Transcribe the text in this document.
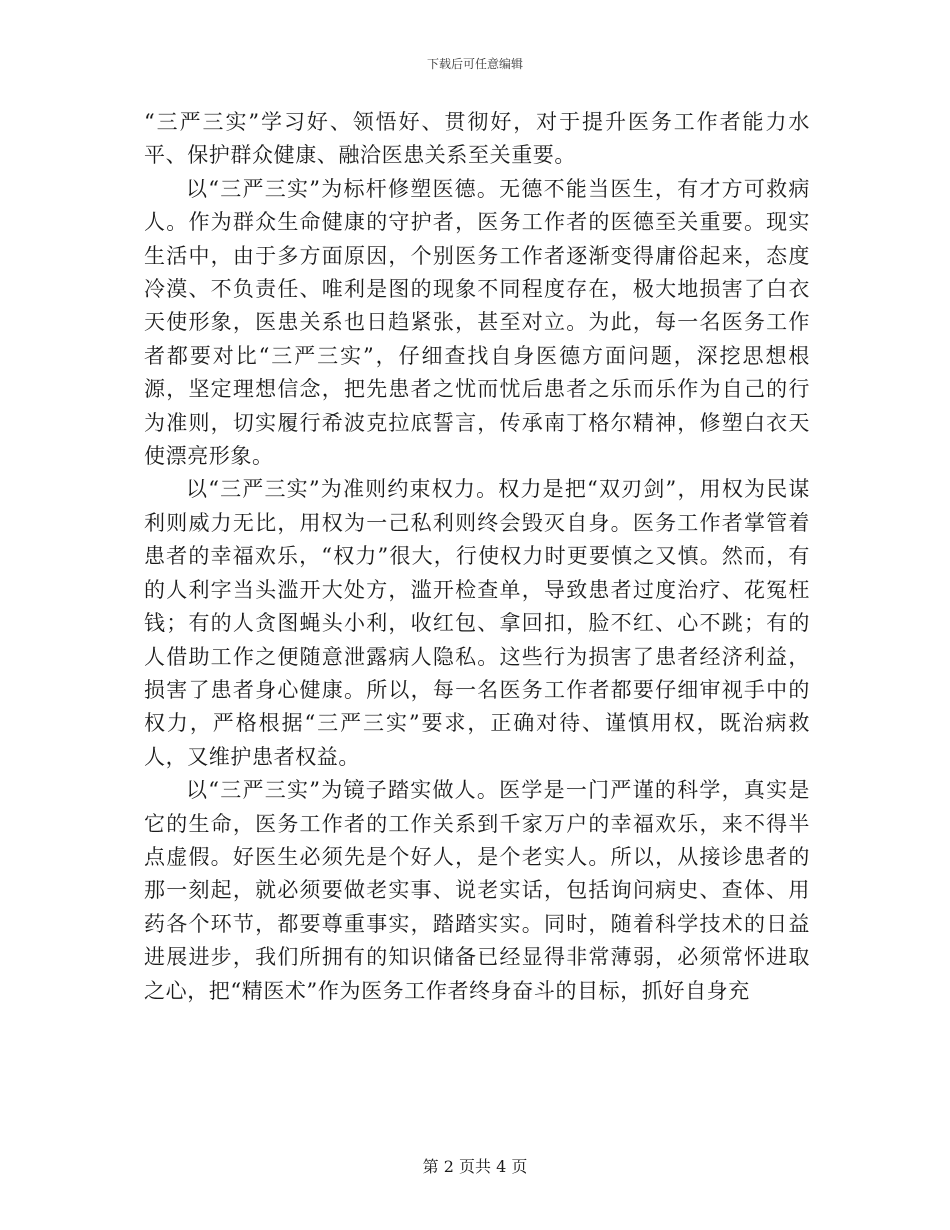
下载后可任意编辑

“三严三实”学习好、领悟好、贯彻好，对于提升医务工作者能力水平、保护群众健康、融洽医患关系至关重要。

以“三严三实”为标杆修塑医德。无德不能当医生，有才方可救病人。作为群众生命健康的守护者，医务工作者的医德至关重要。现实生活中，由于多方面原因，个别医务工作者逐渐变得庸俗起来，态度冷漠、不负责任、唯利是图的现象不同程度存在，极大地损害了白衣天使形象，医患关系也日趋紧张，甚至对立。为此，每一名医务工作者都要对比“三严三实”，仔细查找自身医德方面问题，深挖思想根源，坚定理想信念，把先患者之忧而忧后患者之乐而乐作为自己的行为准则，切实履行希波克拉底誓言，传承南丁格尔精神，修塑白衣天使漂亮形象。

以“三严三实”为准则约束权力。权力是把“双刃剑”，用权为民谋利则威力无比，用权为一己私利则终会毁灭自身。医务工作者掌管着患者的幸福欢乐，“权力”很大，行使权力时更要慎之又慎。然而，有的人利字当头滥开大处方，滥开检查单，导致患者过度治疗、花冤枉钱；有的人贪图蝇头小利，收红包、拿回扣，脸不红、心不跳；有的人借助工作之便随意泄露病人隐私。这些行为损害了患者经济利益，损害了患者身心健康。所以，每一名医务工作者都要仔细审视手中的权力，严格根据“三严三实”要求，正确对待、谨慎用权，既治病救人，又维护患者权益。

以“三严三实”为镜子踏实做人。医学是一门严谨的科学，真实是它的生命，医务工作者的工作关系到千家万户的幸福欢乐，来不得半点虚假。好医生必须先是个好人，是个老实人。所以，从接诊患者的那一刻起，就必须要做老实事、说老实话，包括询问病史、查体、用药各个环节，都要尊重事实，踏踏实实。同时，随着科学技术的日益进展进步，我们所拥有的知识储备已经显得非常薄弱，必须常怀进取之心，把“精医术”作为医务工作者终身奋斗的目标，抓好自身充

第 2 页共 4 页
